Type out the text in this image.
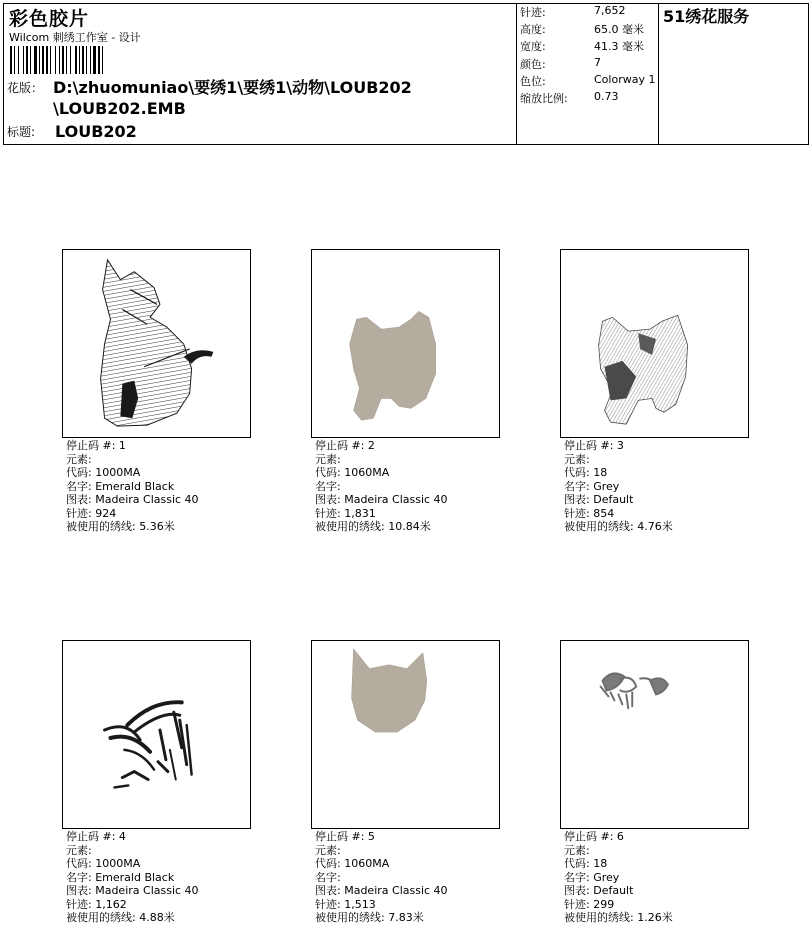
彩色胶片
Wilcom 刺绣工作室 - 设计
花版： D:\zhuomuniao\要绣1\要绣1\动物\LOUB202
\LOUB202.EMB
标题: LOUB202
针迹:	7,652
高度:	65.0 毫米
宽度:	41.3 毫米
颜色:	7
色位:	Colorway 1
缩放比例: 0.73
51绣花服务
停止码 #: 1
元素:
代码: 1000MA
名字: Emerald Black
图表: Madeira Classic 40
针迹: 924
被使用的绣线: 5.36米
停止码 #: 2
元素:
代码: 1060MA
名字:
图表: Madeira Classic 40
针迹: 1,831
被使用的绣线: 10.84米
停止码 #: 3
元素:
代码: 18
名字: Grey
图表: Default
针迹: 854
被使用的绣线: 4.76米
停止码 #: 4
元素:
代码: 1000MA
名字: Emerald Black
图表: Madeira Classic 40
针迹: 1,162
被使用的绣线: 4.88米
停止码 #: 5
元素:
代码: 1060MA
名字:
图表: Madeira Classic 40
针迹: 1,513
被使用的绣线: 7.83米
停止码 #: 6
元素:
代码: 18
名字: Grey
图表: Default
针迹: 299
被使用的绣线: 1.26米
